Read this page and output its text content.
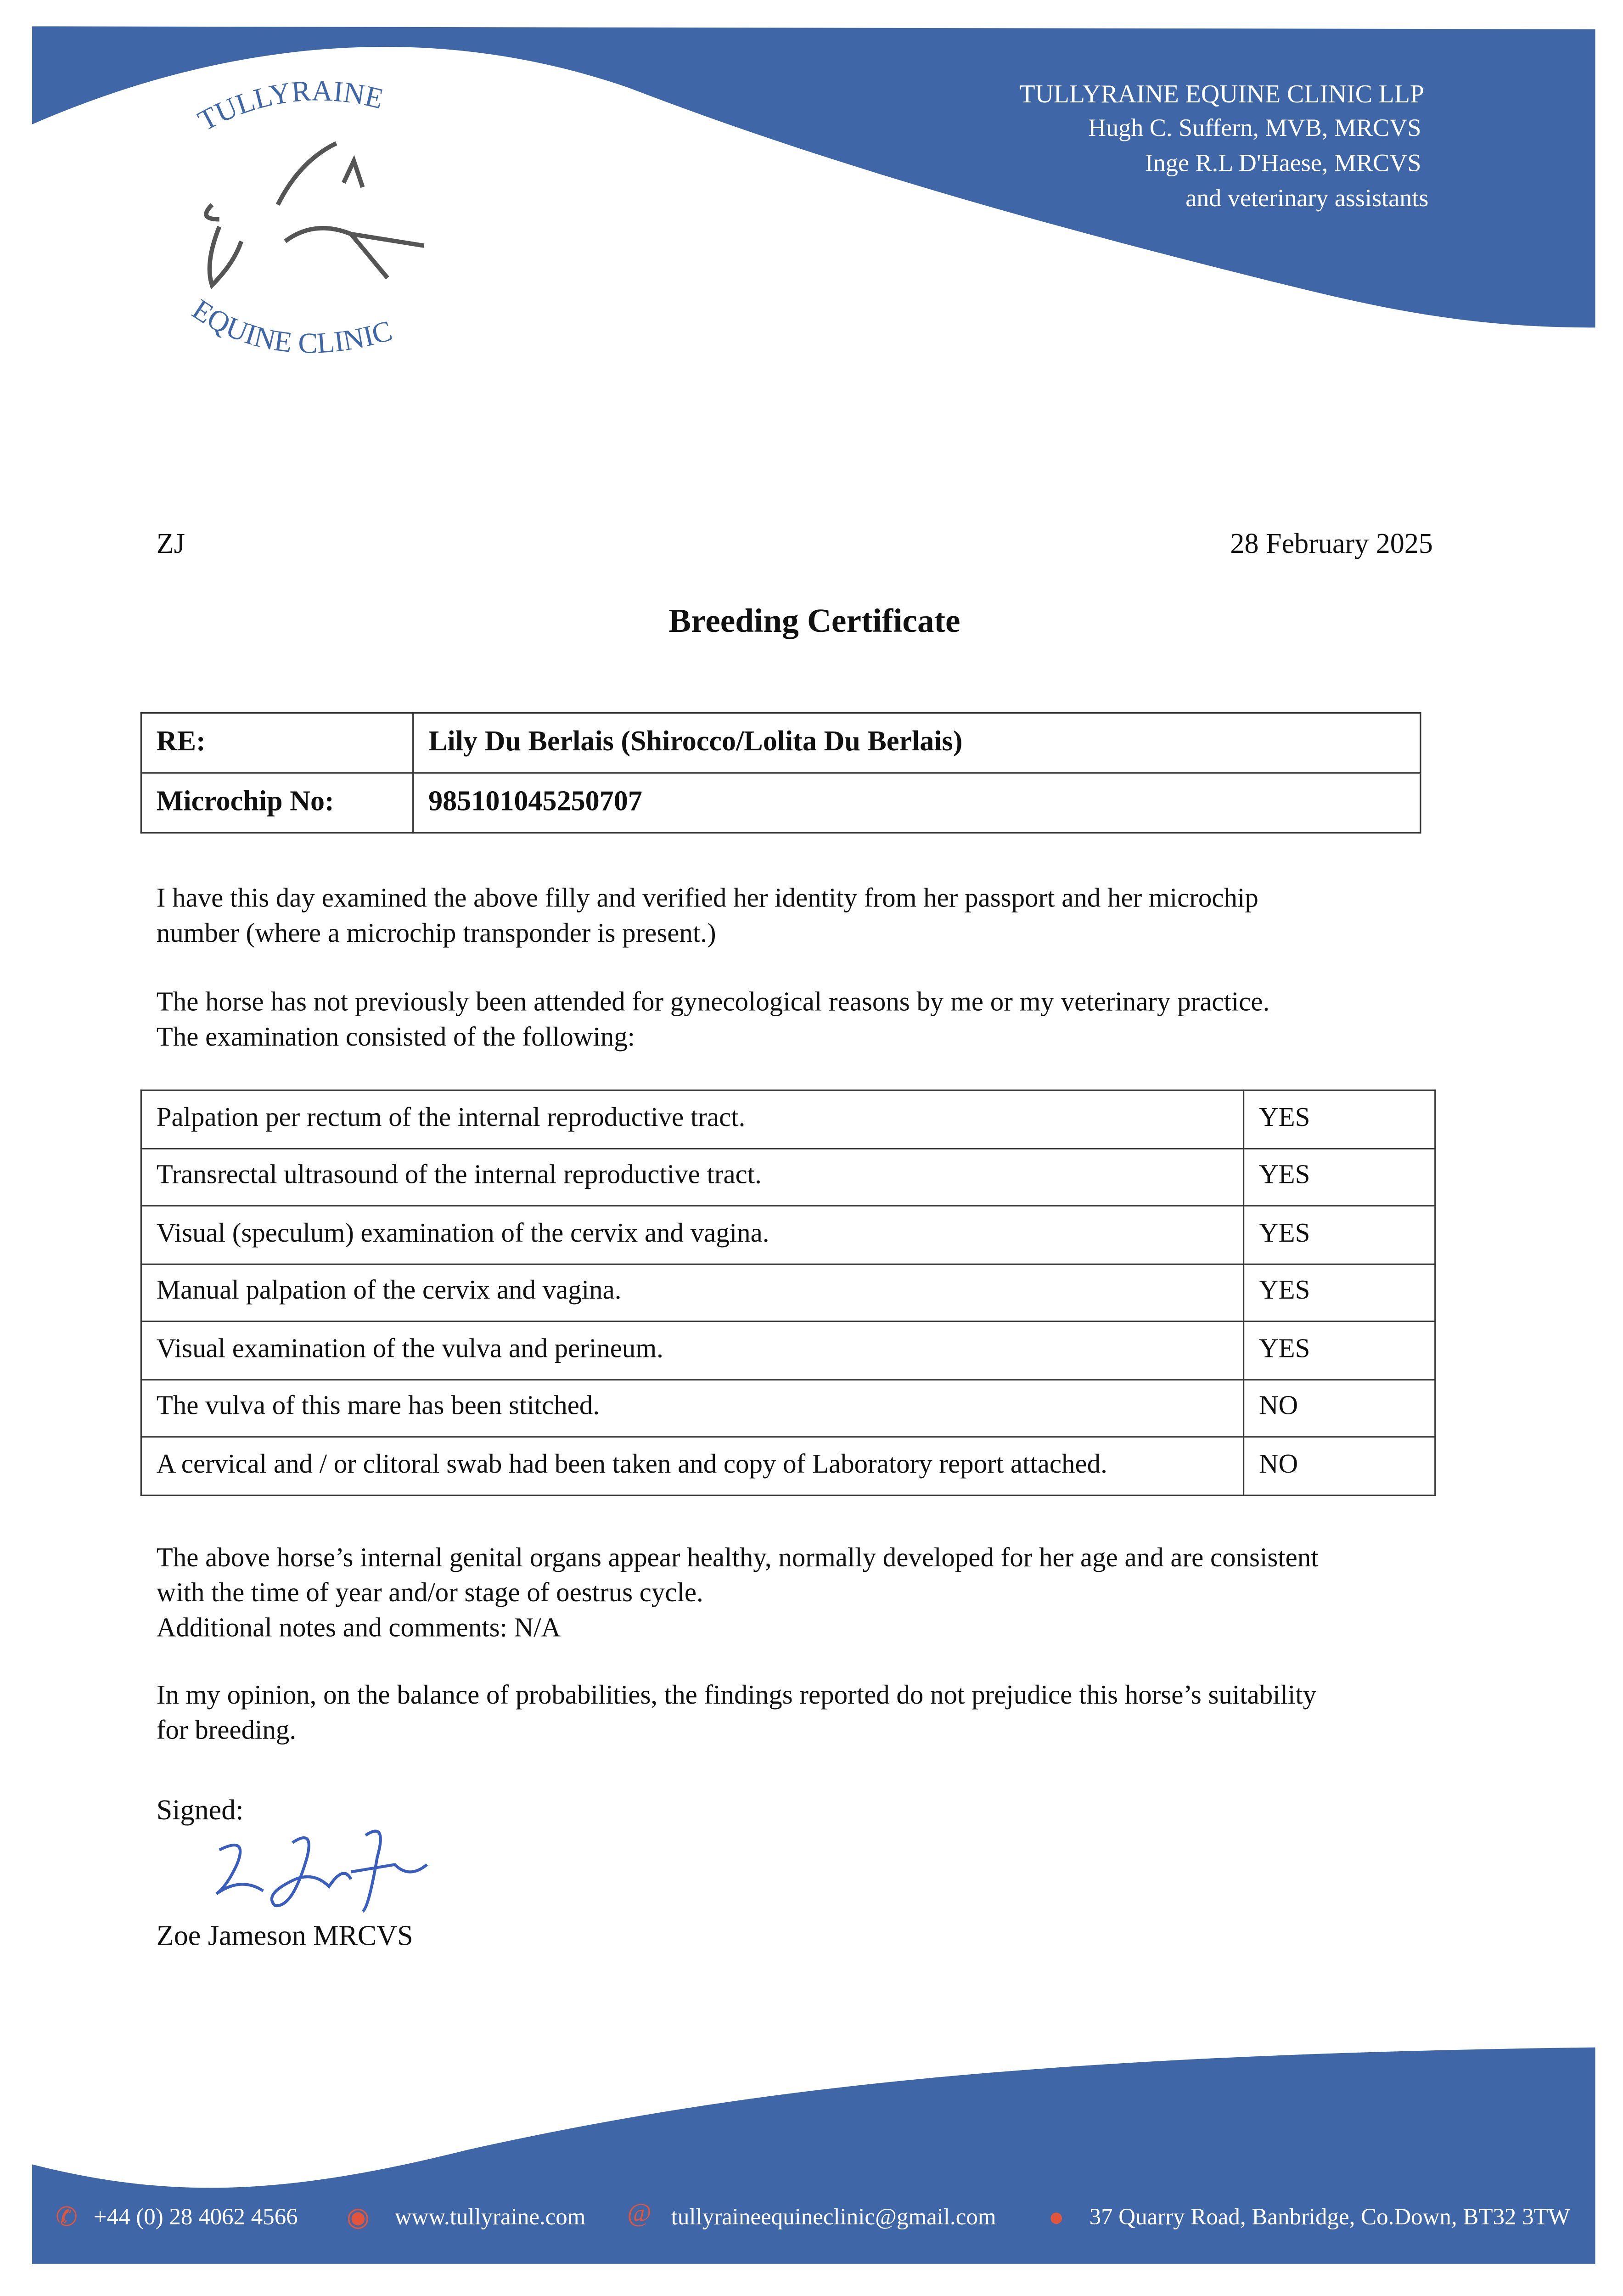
TULLYRAINE
EQUINE CLINIC
TULLYRAINE EQUINE CLINIC LLP
Hugh C. Suffern, MVB, MRCVS
Inge R.L D'Haese, MRCVS
and veterinary assistants
ZJ	28 February 2025
Breeding Certificate
RE:	Lily Du Berlais (Shirocco/Lolita Du Berlais)
Microchip No:	985101045250707
I have this day examined the above filly and verified her identity from her passport and her microchip
number (where a microchip transponder is present.)
The horse has not previously been attended for gynecological reasons by me or my veterinary practice.
The examination consisted of the following:
Palpation per rectum of the internal reproductive tract.	YES
Transrectal ultrasound of the internal reproductive tract.	YES
Visual (speculum) examination of the cervix and vagina.	YES
Manual palpation of the cervix and vagina.	YES
Visual examination of the vulva and perineum.	YES
The vulva of this mare has been stitched.	NO
A cervical and / or clitoral swab had been taken and copy of Laboratory report attached.	NO
The above horse’s internal genital organs appear healthy, normally developed for her age and are consistent
with the time of year and/or stage of oestrus cycle.
Additional notes and comments: N/A
In my opinion, on the balance of probabilities, the findings reported do not prejudice this horse’s suitability
for breeding.
Signed:
Zoe Jameson MRCVS
✆ +44 (0) 28 4062 4566	◉	www.tullyraine.com	@	tullyraineequineclinic@gmail.com	●	37 Quarry Road, Banbridge, Co.Down, BT32 3TW
